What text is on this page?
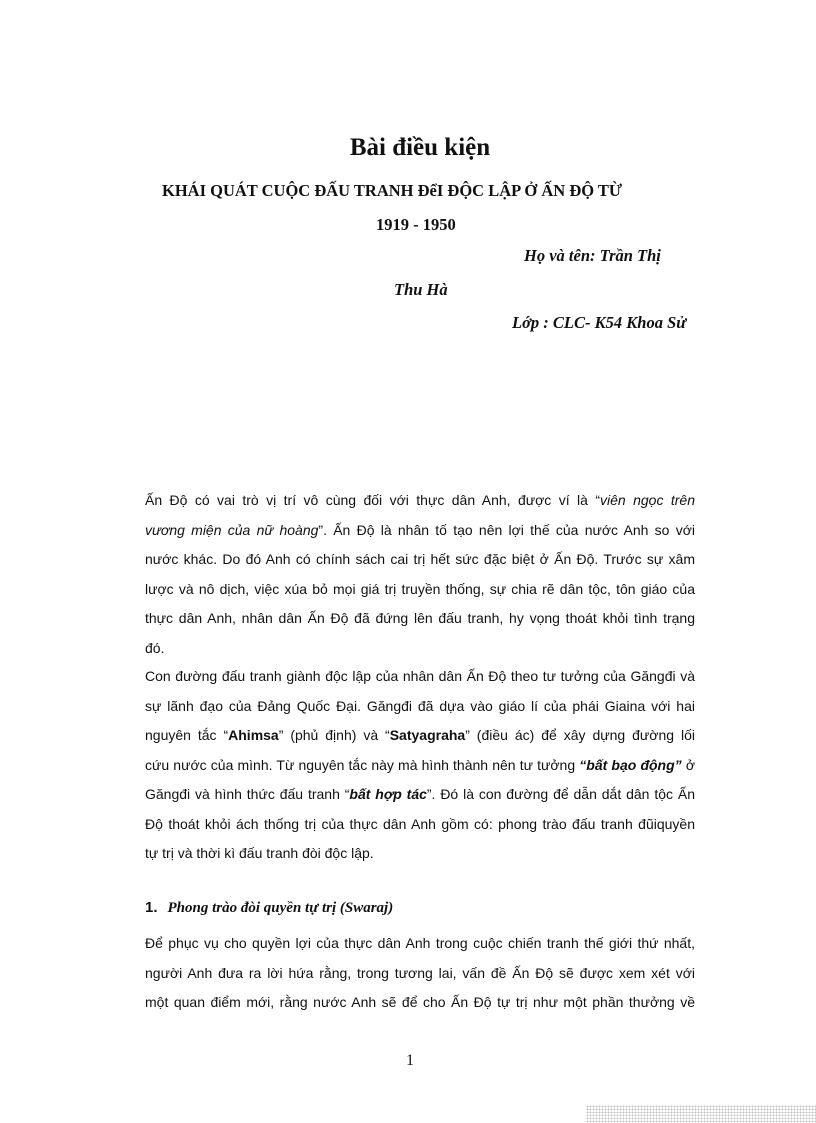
Bài điều kiện
KHÁI QUÁT CUỘC ĐẤU TRANH ĐểI ĐỘC LẬP Ở ẤN ĐỘ TỪ
1919 - 1950
Họ và tên: Trần Thị
Thu Hà
Lớp : CLC- K54 Khoa Sử
Ấn Độ có vai trò vị trí vô cùng đối với thực dân Anh, được ví là “viên ngọc trên
vương miện của nữ hoàng”. Ấn Độ là nhân tố tạo nên lợi thế của nước Anh so với
nước khác. Do đó Anh có chính sách cai trị hết sức đặc biệt ở Ấn Độ. Trước sự xâm
lược và nô dịch, việc xúa bỏ mọi giá trị truyền thống, sự chia rẽ dân tộc, tôn giáo của
thực dân Anh, nhân dân Ấn Độ đã đứng lên đấu tranh, hy vọng thoát khỏi tình trạng
đó.
Con đường đấu tranh giành độc lập của nhân dân Ấn Độ theo tư tưởng của Găngđi và
sự lãnh đạo của Đảng Quốc Đại. Găngđi đã dựa vào giáo lí của phái Giaina với hai
nguyên tắc “Ahimsa” (phủ định) và “Satyagraha” (điều ác) để xây dựng đường lối
cứu nước của mình. Từ nguyên tắc này mà hình thành nên tư tưởng “bất bạo động” ở
Găngđi và hình thức đấu tranh “bất hợp tác”. Đó là con đường để dẫn dắt dân tộc Ấn
Độ thoát khỏi ách thống trị của thực dân Anh gồm có: phong trào đấu tranh đũiquyền
tự trị và thời kì đấu tranh đòi độc lập.
1. Phong trào đòi quyền tự trị (Swaraj)
Để phục vụ cho quyền lợi của thực dân Anh trong cuộc chiến tranh thế giới thứ nhất,
người Anh đưa ra lời hứa rằng, trong tương lai, vấn đề Ấn Độ sẽ được xem xét với
một quan điểm mới, rằng nước Anh sẽ để cho Ấn Độ tự trị như một phần thưởng về
1
